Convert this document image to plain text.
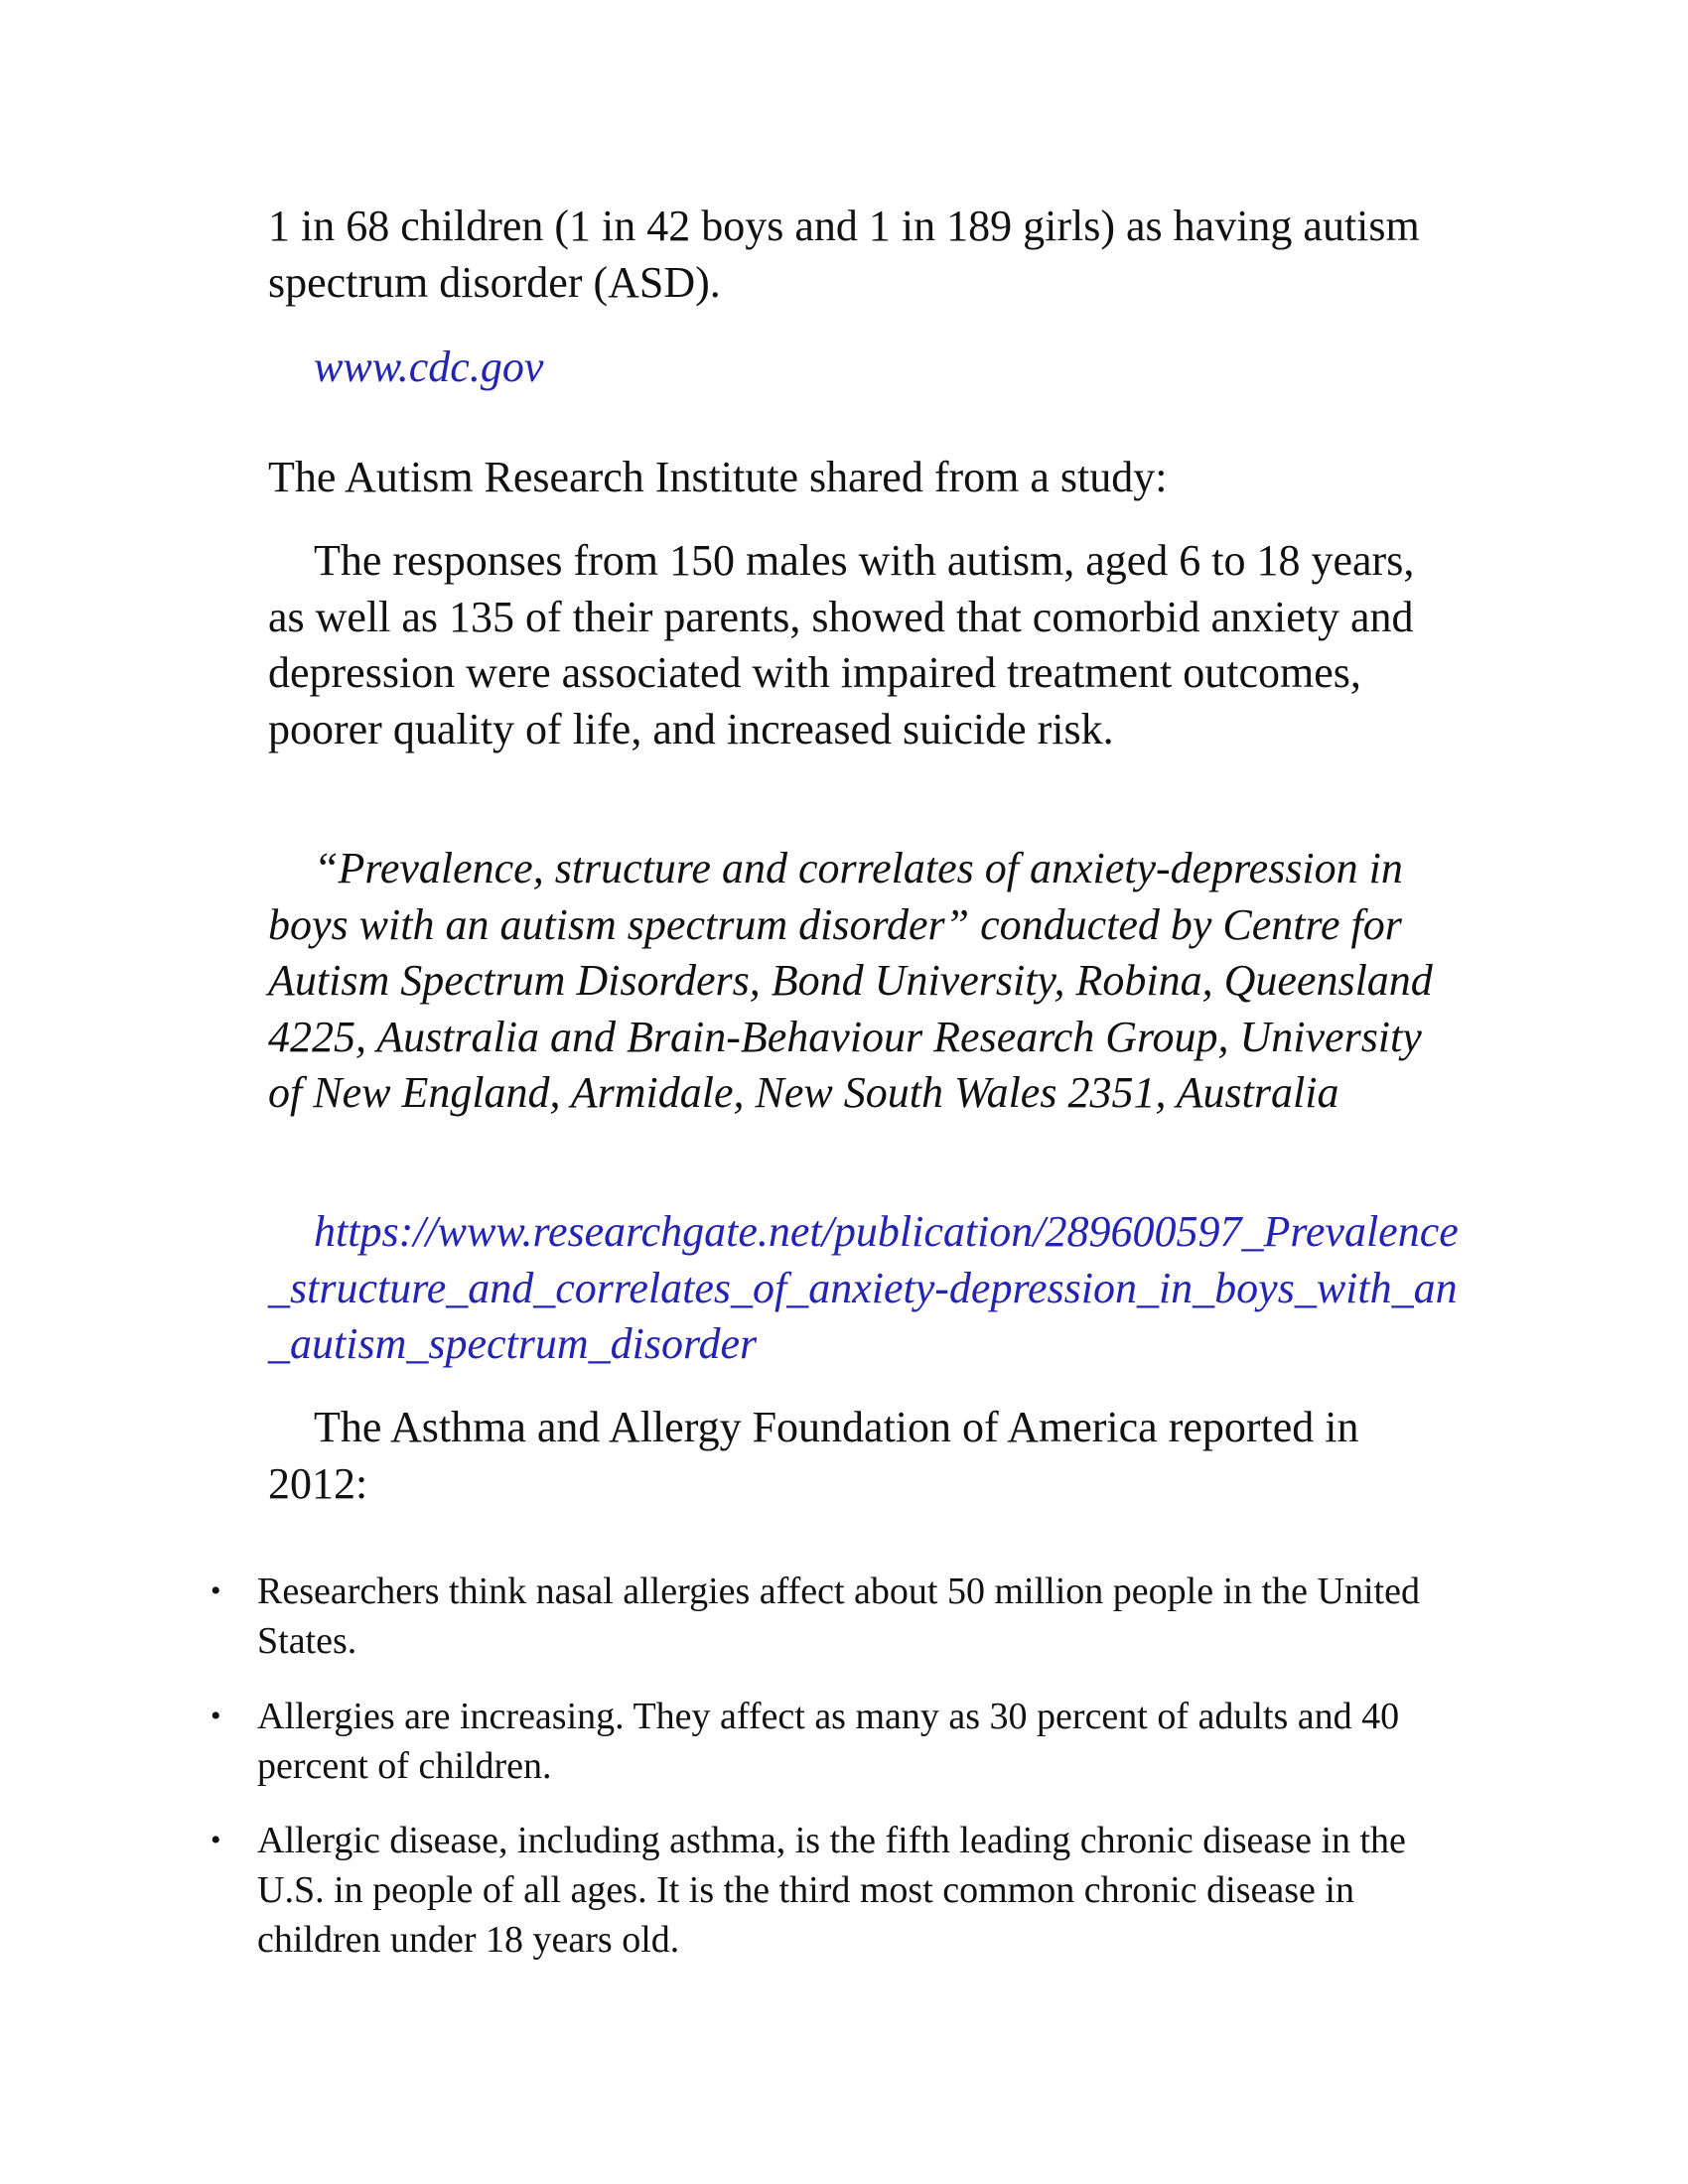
1 in 68 children (1 in 42 boys and 1 in 189 girls) as having autism spectrum disorder (ASD).

www.cdc.gov

The Autism Research Institute shared from a study:

The responses from 150 males with autism, aged 6 to 18 years, as well as 135 of their parents, showed that comorbid anxiety and depression were associated with impaired treatment outcomes, poorer quality of life, and increased suicide risk.

“Prevalence, structure and correlates of anxiety-depression in boys with an autism spectrum disorder” conducted by Centre for Autism Spectrum Disorders, Bond University, Robina, Queensland 4225, Australia and Brain-Behaviour Research Group, University of New England, Armidale, New South Wales 2351, Australia

https://www.researchgate.net/publication/289600597_Prevalence_structure_and_correlates_of_anxiety-depression_in_boys_with_an_autism_spectrum_disorder

The Asthma and Allergy Foundation of America reported in 2012:

• Researchers think nasal allergies affect about 50 million people in the United States.
• Allergies are increasing. They affect as many as 30 percent of adults and 40 percent of children.
• Allergic disease, including asthma, is the fifth leading chronic disease in the U.S. in people of all ages. It is the third most common chronic disease in children under 18 years old.
